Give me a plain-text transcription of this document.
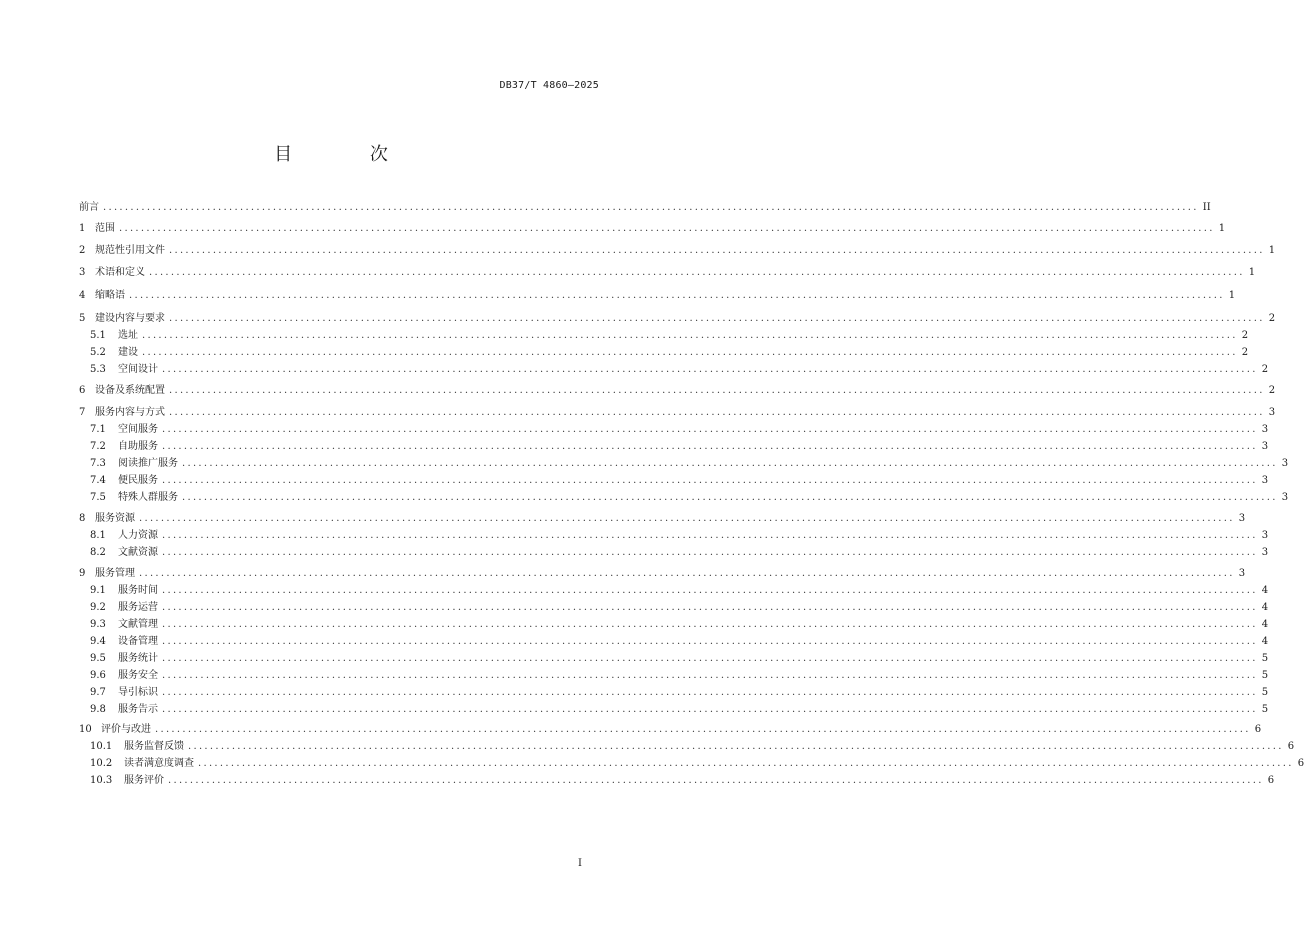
DB37/T 4860—2025
目 次
前言 ........................................................................................................................................................................................................ II
1 范围 ........................................................................................................................................................................................................ 1
2 规范性引用文件 ........................................................................................................................................................................................................ 1
3 术语和定义 ........................................................................................................................................................................................................ 1
4 缩略语 ........................................................................................................................................................................................................ 1
5 建设内容与要求 ........................................................................................................................................................................................................ 2
5.1 选址 ........................................................................................................................................................................................................ 2
5.2 建设 ........................................................................................................................................................................................................ 2
5.3 空间设计 ........................................................................................................................................................................................................ 2
6 设备及系统配置 ........................................................................................................................................................................................................ 2
7 服务内容与方式 ........................................................................................................................................................................................................ 3
7.1 空间服务 ........................................................................................................................................................................................................ 3
7.2 自助服务 ........................................................................................................................................................................................................ 3
7.3 阅读推广服务 ........................................................................................................................................................................................................ 3
7.4 便民服务 ........................................................................................................................................................................................................ 3
7.5 特殊人群服务 ........................................................................................................................................................................................................ 3
8 服务资源 ........................................................................................................................................................................................................ 3
8.1 人力资源 ........................................................................................................................................................................................................ 3
8.2 文献资源 ........................................................................................................................................................................................................ 3
9 服务管理 ........................................................................................................................................................................................................ 3
9.1 服务时间 ........................................................................................................................................................................................................ 4
9.2 服务运营 ........................................................................................................................................................................................................ 4
9.3 文献管理 ........................................................................................................................................................................................................ 4
9.4 设备管理 ........................................................................................................................................................................................................ 4
9.5 服务统计 ........................................................................................................................................................................................................ 5
9.6 服务安全 ........................................................................................................................................................................................................ 5
9.7 导引标识 ........................................................................................................................................................................................................ 5
9.8 服务告示 ........................................................................................................................................................................................................ 5
10 评价与改进 ........................................................................................................................................................................................................ 6
10.1 服务监督反馈 ........................................................................................................................................................................................................ 6
10.2 读者满意度调查 ........................................................................................................................................................................................................ 6
10.3 服务评价 ........................................................................................................................................................................................................ 6
I
